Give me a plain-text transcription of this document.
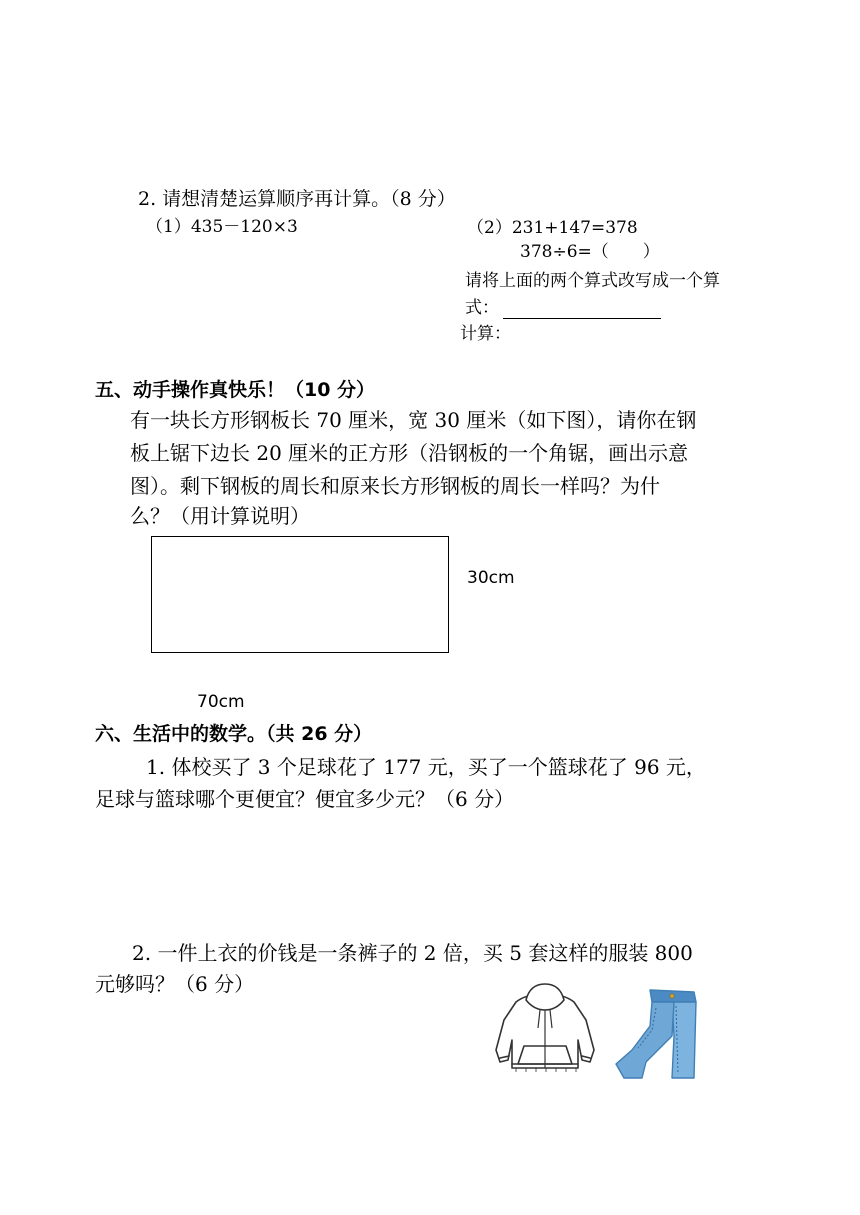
2. 请想清楚运算顺序再计算。（8 分）
（1）435－120×3	（2）231+147=378
378÷6=（　　）
请将上面的两个算式改写成一个算
式：
计算：
五、动手操作真快乐！（10 分）
有一块长方形钢板长 70 厘米，宽 30 厘米（如下图），请你在钢
板上锯下边长 20 厘米的正方形（沿钢板的一个角锯，画出示意
图）。剩下钢板的周长和原来长方形钢板的周长一样吗？为什
么？（用计算说明）
30cm
70cm
六、生活中的数学。（共 26 分）
1. 体校买了 3 个足球花了 177 元，买了一个篮球花了 96 元，
足球与篮球哪个更便宜？便宜多少元？（6 分）
2. 一件上衣的价钱是一条裤子的 2 倍，买 5 套这样的服装 800
元够吗？（6 分）
